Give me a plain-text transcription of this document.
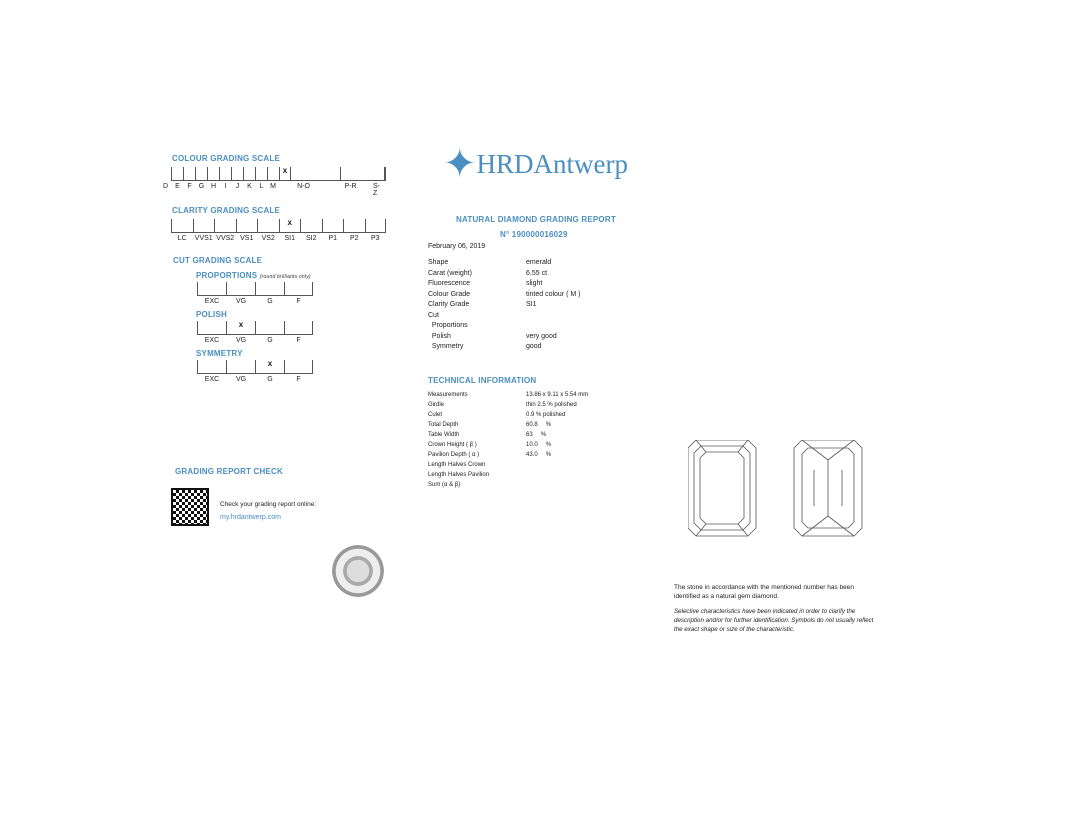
COLOUR GRADING SCALE
D	E	F	G H	I	J	K	L
x
M	N-O	P-R	S-Z
CLARITY GRADING SCALE
LC	VVS1 VVS2 VS1	VS2
x
SI1	SI2	P1	P2	P3
CUT GRADING SCALE
PROPORTIONS (round brilliants only)
EXC	VG	G	F
POLISH
EXC
x
VG	G	F
SYMMETRY
EXC	VG
x
G	F
GRADING REPORT CHECK
Check your grading report online:
my.hrdantwerp.com
✦ HRDAntwerp
NATURAL DIAMOND GRADING REPORT
N° 190000016029
February 06, 2019
Shape	emerald
Carat (weight)	6.55 ct
Fluorescence	slight
Colour Grade	tinted colour ( M )
Clarity Grade	SI1
Cut
Proportions
Polish	very good
Symmetry	good
TECHNICAL INFORMATION
Measurements	13.86 x 9.11 x 5.54 mm
Girdle	thin 2.5 % polished
Culet	0.9 % polished
Total Depth	60.8 %
Table Width	63 %
Crown Height ( β )	10.0 %
Pavilion Depth ( α )	43.0 %
Length Halves Crown
Length Halves Pavilion
Sum (α & β)
The stone in accordance with the mentioned number has been identified as a natural gem diamond.
Selective characteristics have been indicated in order to clarify the description and/or for further identification. Symbols do not usually reflect the exact shape or size of the characteristic.
